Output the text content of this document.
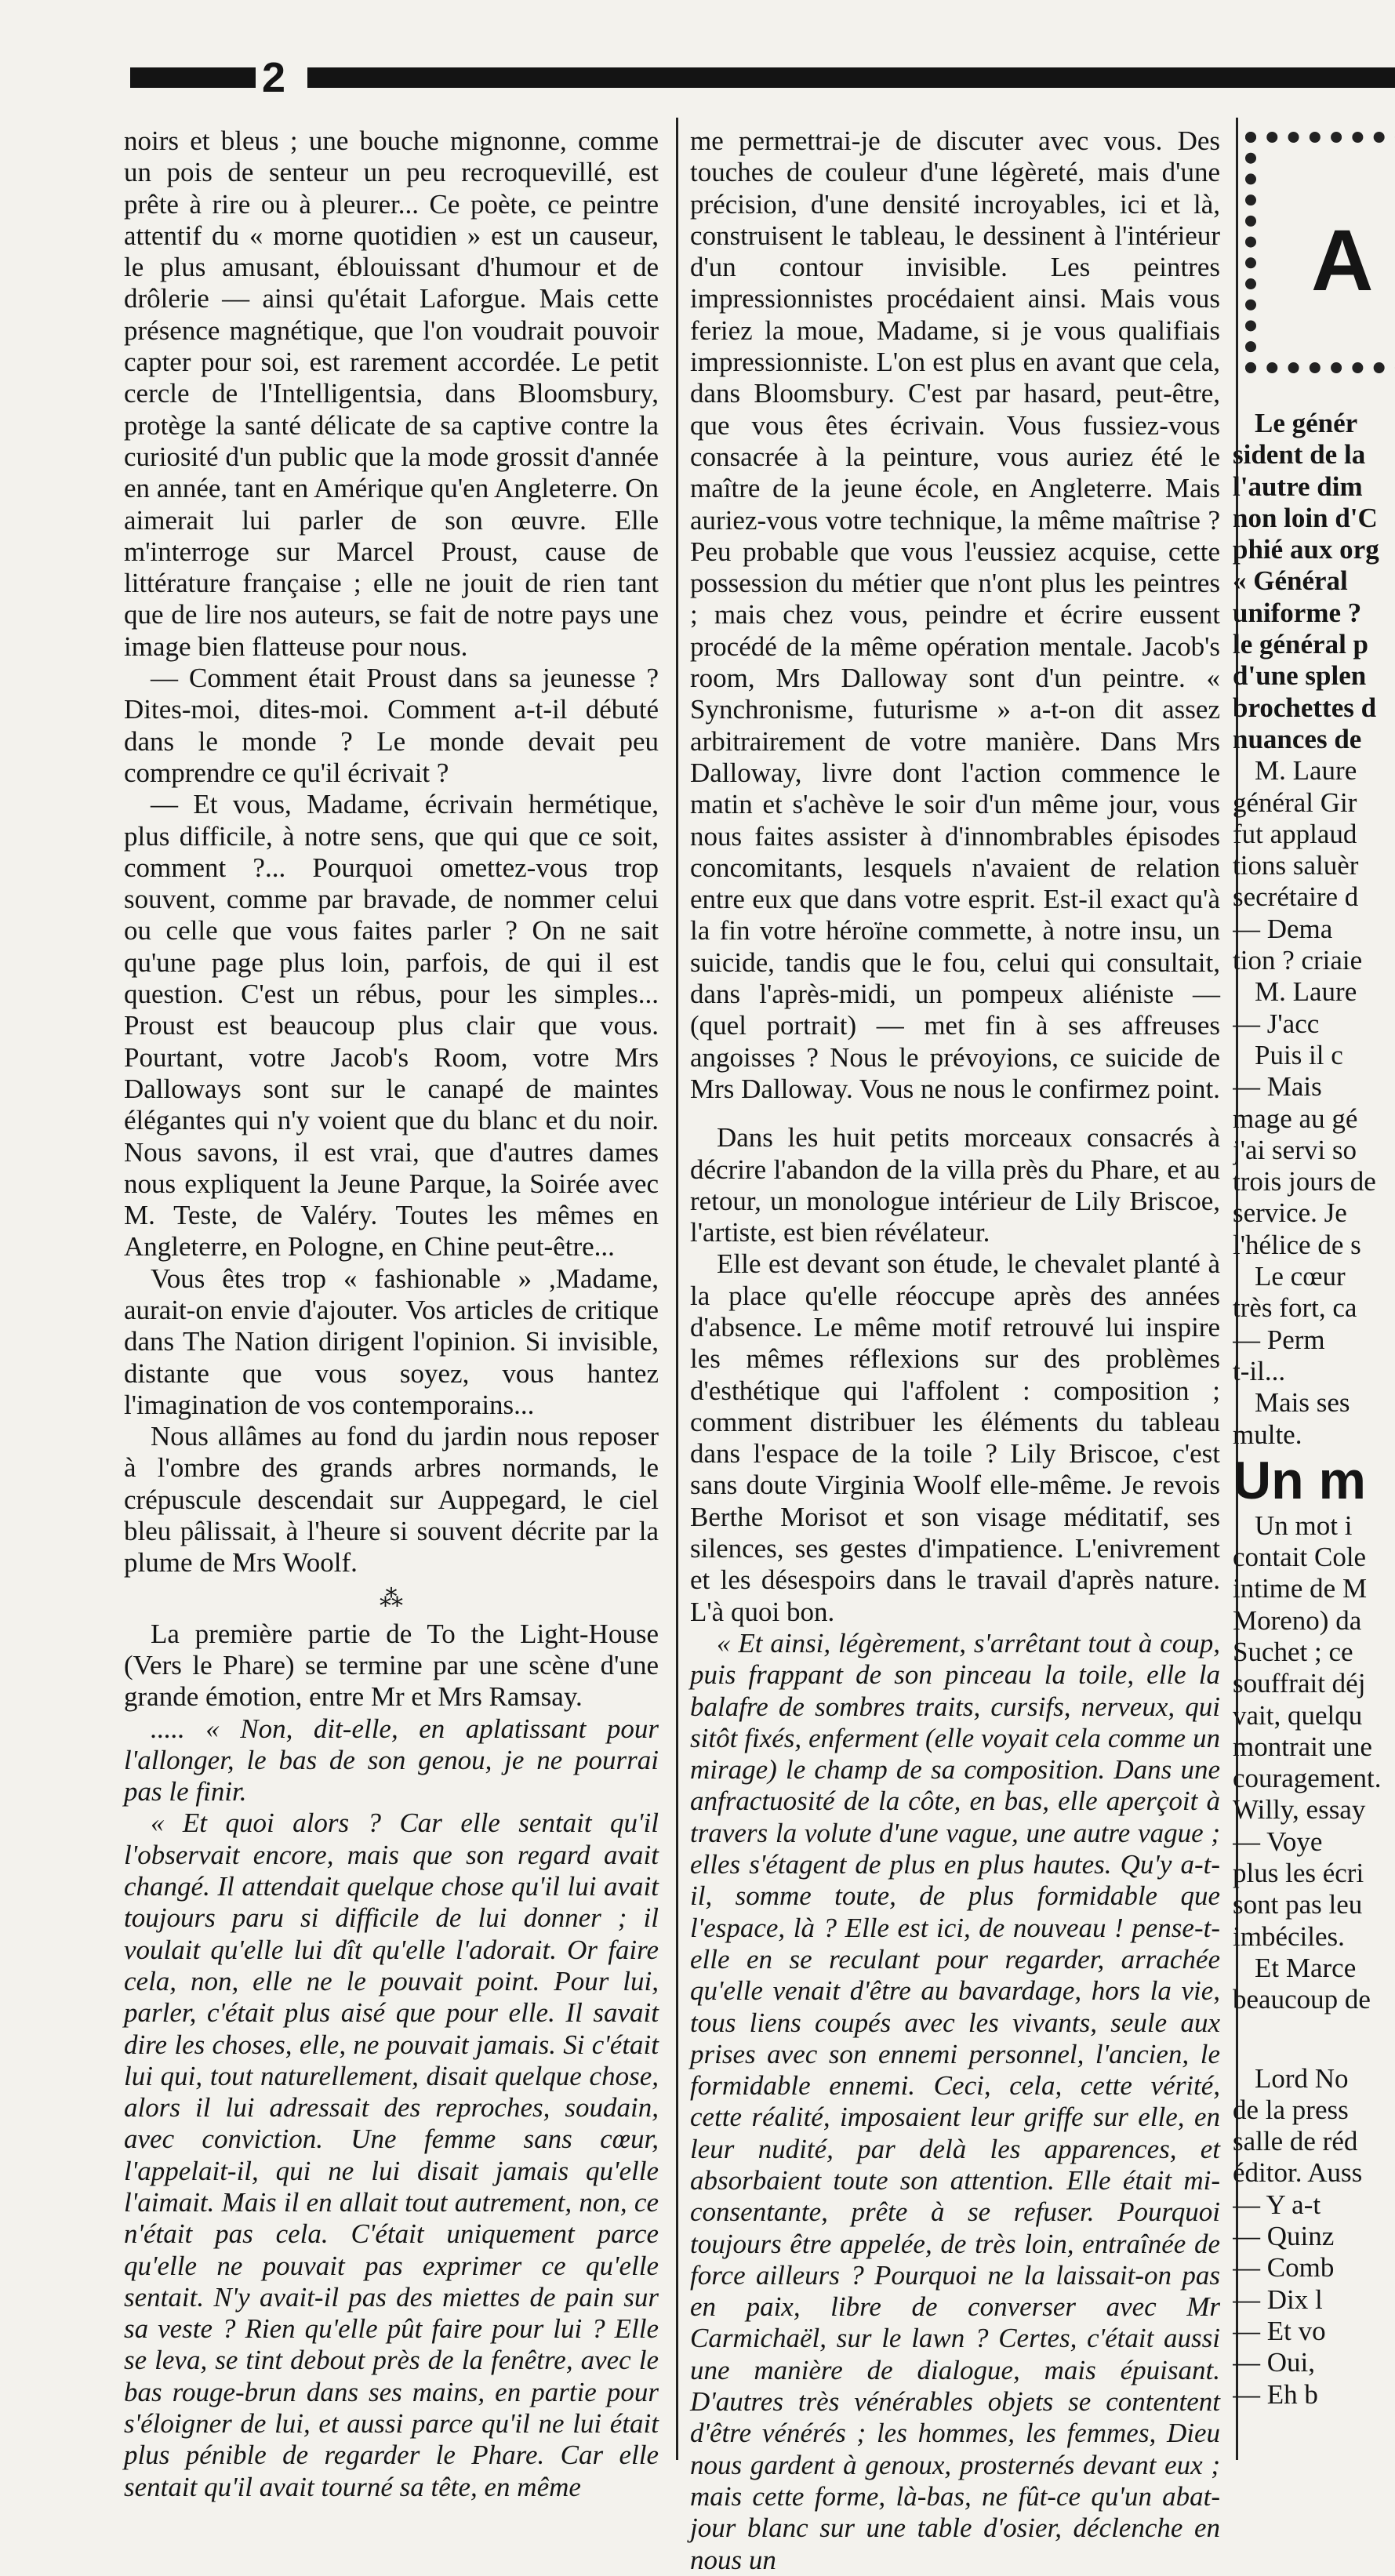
2

noirs et bleus ; une bouche mignonne, comme un pois de senteur un peu recroquevillé, est prête à rire ou à pleurer... Ce poète, ce peintre attentif du « morne quotidien » est un causeur, le plus amusant, éblouissant d'humour et de drôlerie — ainsi qu'était Laforgue. Mais cette présence magnétique, que l'on voudrait pouvoir capter pour soi, est rarement accordée. Le petit cercle de l'Intelligentsia, dans Bloomsbury, protège la santé délicate de sa captive contre la curiosité d'un public que la mode grossit d'année en année, tant en Amérique qu'en Angleterre. On aimerait lui parler de son œuvre. Elle m'interroge sur Marcel Proust, cause de littérature française ; elle ne jouit de rien tant que de lire nos auteurs, se fait de notre pays une image bien flatteuse pour nous.

— Comment était Proust dans sa jeunesse ? Dites-moi, dites-moi. Comment a-t-il débuté dans le monde ? Le monde devait peu comprendre ce qu'il écrivait ?

— Et vous, Madame, écrivain hermétique, plus difficile, à notre sens, que qui que ce soit, comment ?... Pourquoi omettez-vous trop souvent, comme par bravade, de nommer celui ou celle que vous faites parler ? On ne sait qu'une page plus loin, parfois, de qui il est question. C'est un rébus, pour les simples... Proust est beaucoup plus clair que vous. Pourtant, votre Jacob's Room, votre Mrs Dalloways sont sur le canapé de maintes élégantes qui n'y voient que du blanc et du noir. Nous savons, il est vrai, que d'autres dames nous expliquent la Jeune Parque, la Soirée avec M. Teste, de Valéry. Toutes les mêmes en Angleterre, en Pologne, en Chine peut-être...

Vous êtes trop « fashionable » ,Madame, aurait-on envie d'ajouter. Vos articles de critique dans The Nation dirigent l'opinion. Si invisible, distante que vous soyez, vous hantez l'imagination de vos contemporains...

Nous allâmes au fond du jardin nous reposer à l'ombre des grands arbres normands, le crépuscule descendait sur Auppegard, le ciel bleu pâlissait, à l'heure si souvent décrite par la plume de Mrs Woolf.

⁂

La première partie de To the Light-House (Vers le Phare) se termine par une scène d'une grande émotion, entre Mr et Mrs Ramsay.

..... « Non, dit-elle, en aplatissant pour l'allonger, le bas de son genou, je ne pourrai pas le finir.

« Et quoi alors ? Car elle sentait qu'il l'observait encore, mais que son regard avait changé. Il attendait quelque chose qu'il lui avait toujours paru si difficile de lui donner ; il voulait qu'elle lui dît qu'elle l'adorait. Or faire cela, non, elle ne le pouvait point. Pour lui, parler, c'était plus aisé que pour elle. Il savait dire les choses, elle, ne pouvait jamais. Si c'était lui qui, tout naturellement, disait quelque chose, alors il lui adressait des reproches, soudain, avec conviction. Une femme sans cœur, l'appelait-il, qui ne lui disait jamais qu'elle l'aimait. Mais il en allait tout autrement, non, ce n'était pas cela. C'était uniquement parce qu'elle ne pouvait pas exprimer ce qu'elle sentait. N'y avait-il pas des miettes de pain sur sa veste ? Rien qu'elle pût faire pour lui ? Elle se leva, se tint debout près de la fenêtre, avec le bas rouge-brun dans ses mains, en partie pour s'éloigner de lui, et aussi parce qu'il ne lui était plus pénible de regarder le Phare. Car elle sentait qu'il avait tourné sa tête, en même

me permettrai-je de discuter avec vous. Des touches de couleur d'une légèreté, mais d'une précision, d'une densité incroyables, ici et là, construisent le tableau, le dessinent à l'intérieur d'un contour invisible. Les peintres impressionnistes procédaient ainsi. Mais vous feriez la moue, Madame, si je vous qualifiais impressionniste. L'on est plus en avant que cela, dans Bloomsbury. C'est par hasard, peut-être, que vous êtes écrivain. Vous fussiez-vous consacrée à la peinture, vous auriez été le maître de la jeune école, en Angleterre. Mais auriez-vous votre technique, la même maîtrise ? Peu probable que vous l'eussiez acquise, cette possession du métier que n'ont plus les peintres ; mais chez vous, peindre et écrire eussent procédé de la même opération mentale. Jacob's room, Mrs Dalloway sont d'un peintre. « Synchronisme, futurisme » a-t-on dit assez arbitrairement de votre manière. Dans Mrs Dalloway, livre dont l'action commence le matin et s'achève le soir d'un même jour, vous nous faites assister à d'innombrables épisodes concomitants, lesquels n'avaient de relation entre eux que dans votre esprit. Est-il exact qu'à la fin votre héroïne commette, à notre insu, un suicide, tandis que le fou, celui qui consultait, dans l'après-midi, un pompeux aliéniste — (quel portrait) — met fin à ses affreuses angoisses ? Nous le prévoyions, ce suicide de Mrs Dalloway. Vous ne nous le confirmez point.

Dans les huit petits morceaux consacrés à décrire l'abandon de la villa près du Phare, et au retour, un monologue intérieur de Lily Briscoe, l'artiste, est bien révélateur.

Elle est devant son étude, le chevalet planté à la place qu'elle réoccupe après des années d'absence. Le même motif retrouvé lui inspire les mêmes réflexions sur des problèmes d'esthétique qui l'affolent : composition ; comment distribuer les éléments du tableau dans l'espace de la toile ? Lily Briscoe, c'est sans doute Virginia Woolf elle-même. Je revois Berthe Morisot et son visage méditatif, ses silences, ses gestes d'impatience. L'enivrement et les désespoirs dans le travail d'après nature. L'à quoi bon.

« Et ainsi, légèrement, s'arrêtant tout à coup, puis frappant de son pinceau la toile, elle la balafre de sombres traits, cursifs, nerveux, qui sitôt fixés, enferment (elle voyait cela comme un mirage) le champ de sa composition. Dans une anfractuosité de la côte, en bas, elle aperçoit à travers la volute d'une vague, une autre vague ; elles s'étagent de plus en plus hautes. Qu'y a-t-il, somme toute, de plus formidable que l'espace, là ? Elle est ici, de nouveau ! pense-t-elle en se reculant pour regarder, arrachée qu'elle venait d'être au bavardage, hors la vie, tous liens coupés avec les vivants, seule aux prises avec son ennemi personnel, l'ancien, le formidable ennemi. Ceci, cela, cette vérité, cette réalité, imposaient leur griffe sur elle, en leur nudité, par delà les apparences, et absorbaient toute son attention. Elle était mi-consentante, prête à se refuser. Pourquoi toujours être appelée, de très loin, entraînée de force ailleurs ? Pourquoi ne la laissait-on pas en paix, libre de converser avec Mr Carmichaël, sur le lawn ? Certes, c'était aussi une manière de dialogue, mais épuisant. D'autres très vénérables objets se contentent d'être vénérés ; les hommes, les femmes, Dieu nous gardent à genoux, prosternés devant eux ; mais cette forme, là-bas, ne fût-ce qu'un abat-jour blanc sur une table d'osier, déclenche en nous un

A
Le génér
sident de la
l'autre dim
non loin d'C
phié aux org
« Général
uniforme ?
le général p
d'une splen
brochettes d
nuances de
M. Laure
général Gir
fut applaud
tions saluèr
secrétaire d
— Dema
tion ? criaie
M. Laure
— J'acc
Puis il c
— Mais
mage au gé
j'ai servi so
trois jours de
service. Je
l'hélice de s
Le cœur
très fort, ca
— Perm
t-il...
Mais ses
multe.
Un m
Un mot i
contait Cole
intime de M
Moreno) da
Suchet ; ce
souffrait déj
vait, quelqu
montrait une
couragement.
Willy, essay
— Voye
plus les écri
sont pas leu
imbéciles.
Et Marce
beaucoup de
Lord No
de la press
salle de réd
éditor. Auss
— Y a-t
— Quinz
— Comb
— Dix l
— Et vo
— Oui,
— Eh b
